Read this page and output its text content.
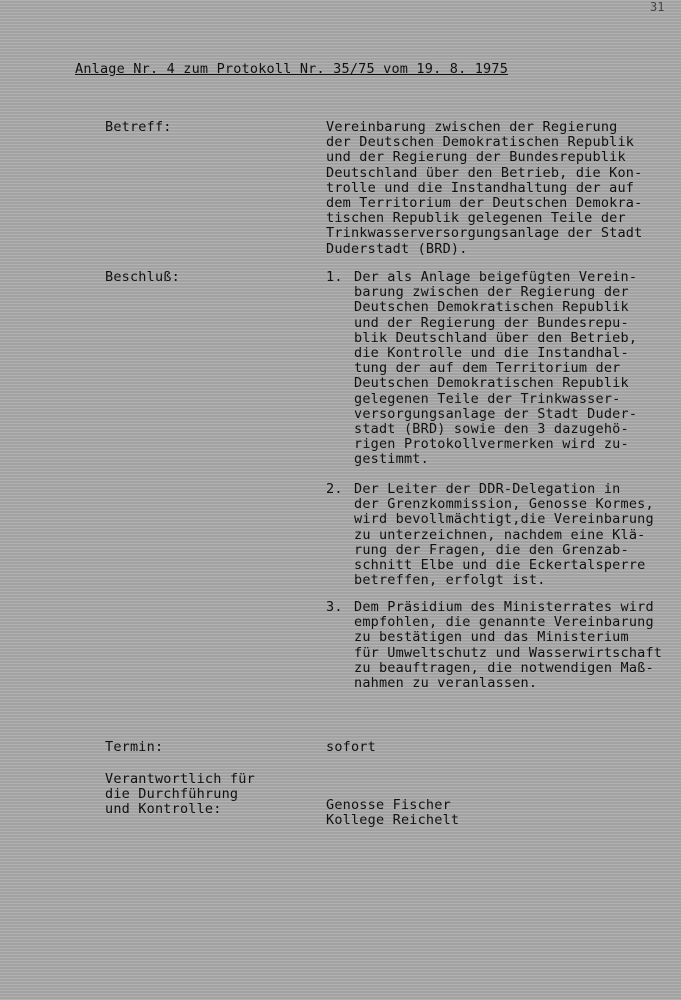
31
Anlage Nr. 4 zum Protokoll Nr. 35/75 vom 19. 8. 1975
Betreff:	Vereinbarung zwischen der Regierung
der Deutschen Demokratischen Republik
und der Regierung der Bundesrepublik
Deutschland über den Betrieb, die Kon-
trolle und die Instandhaltung der auf
dem Territorium der Deutschen Demokra-
tischen Republik gelegenen Teile der
Trinkwasserversorgungsanlage der Stadt
Duderstadt (BRD).
Beschluß:	1. Der als Anlage beigefügten Verein-
barung zwischen der Regierung der
Deutschen Demokratischen Republik
und der Regierung der Bundesrepu-
blik Deutschland über den Betrieb,
die Kontrolle und die Instandhal-
tung der auf dem Territorium der
Deutschen Demokratischen Republik
gelegenen Teile der Trinkwasser-
versorgungsanlage der Stadt Duder-
stadt (BRD) sowie den 3 dazugehö-
rigen Protokollvermerken wird zu-
gestimmt.
2. Der Leiter der DDR-Delegation in
der Grenzkommission, Genosse Kormes,
wird bevollmächtigt,die Vereinbarung
zu unterzeichnen, nachdem eine Klä-
rung der Fragen, die den Grenzab-
schnitt Elbe und die Eckertalsperre
betreffen, erfolgt ist.
3. Dem Präsidium des Ministerrates wird
empfohlen, die genannte Vereinbarung
zu bestätigen und das Ministerium
für Umweltschutz und Wasserwirtschaft
zu beauftragen, die notwendigen Maß-
nahmen zu veranlassen.
Termin:	sofort
Verantwortlich für
die Durchführung
und Kontrolle:	Genosse Fischer
Kollege Reichelt
